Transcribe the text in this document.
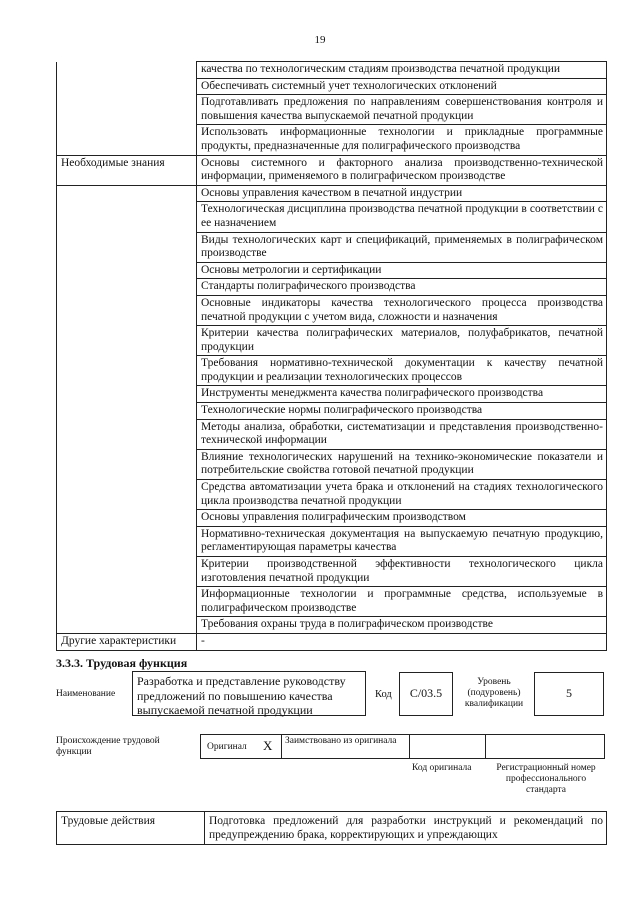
19
	качества по технологическим стадиям производства печатной продукции
	Обеспечивать системный учет технологических отклонений
	Подготавливать предложения по направлениям совершенствования контроля и повышения качества выпускаемой печатной продукции
	Использовать информационные технологии и прикладные программные продукты, предназначенные для полиграфического производства
Необходимые знания	Основы системного и факторного анализа производственно-технической информации, применяемого в полиграфическом производстве
	Основы управления качеством в печатной индустрии
	Технологическая дисциплина производства печатной продукции в соответствии с ее назначением
	Виды технологических карт и спецификаций, применяемых в полиграфическом производстве
	Основы метрологии и сертификации
	Стандарты полиграфического производства
	Основные индикаторы качества технологического процесса производства печатной продукции с учетом вида, сложности и назначения
	Критерии качества полиграфических материалов, полуфабрикатов, печатной продукции
	Требования нормативно-технической документации к качеству печатной продукции и реализации технологических процессов
	Инструменты менеджмента качества полиграфического производства
	Технологические нормы полиграфического производства
	Методы анализа, обработки, систематизации и представления производственно-технической информации
	Влияние технологических нарушений на технико-экономические показатели и потребительские свойства готовой печатной продукции
	Средства автоматизации учета брака и отклонений на стадиях технологического цикла производства печатной продукции
	Основы управления полиграфическим производством
	Нормативно-техническая документация на выпускаемую печатную продукцию, регламентирующая параметры качества
	Критерии производственной эффективности технологического цикла изготовления печатной продукции
	Информационные технологии и программные средства, используемые в полиграфическом производстве
	Требования охраны труда в полиграфическом производстве
Другие характеристики	-
3.3.3. Трудовая функция
Наименование
Разработка и представление руководству предложений по повышению качества выпускаемой печатной продукции
Код	C/03.5
Уровень (подуровень) квалификации
5
Происхождение трудовой функции	Оригинал X Заимствовано из оригинала
Код оригинала	Регистрационный номер профессионального стандарта
Трудовые действия	Подготовка предложений для разработки инструкций и рекомендаций по предупреждению брака, корректирующих и упреждающих
